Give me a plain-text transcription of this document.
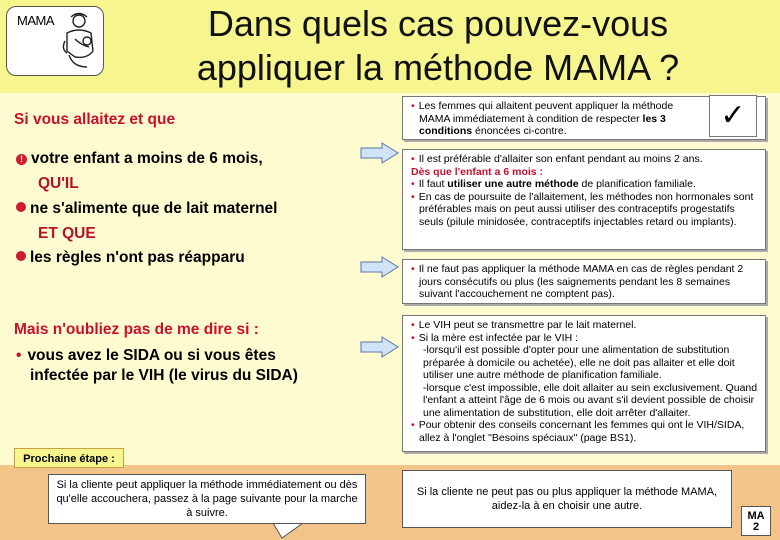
MAMA	Dans quels cas pouvez-vous
appliquer la méthode MAMA ?
Si vous allaitez et que
! votre enfant a moins de 6 mois,
QU'IL
ne s'alimente que de lait maternel
ET QUE
les règles n'ont pas réapparu
Mais n'oubliez pas de me dire si :
• vous avez le SIDA ou si vous êtes
infectée par le VIH (le virus du SIDA)
• Les femmes qui allaitent peuvent appliquer la méthode MAMA immédiatement à condition de respecter les 3 conditions énoncées ci-contre.	✓
• Il est préférable d'allaiter son enfant pendant au moins 2 ans.
Dès que l'enfant a 6 mois :
• Il faut utiliser une autre méthode de planification familiale.
• En cas de poursuite de l'allaitement, les méthodes non hormonales sont préférables mais on peut aussi utiliser des contraceptifs progestatifs seuls (pilule minidosée, contraceptifs injectables retard ou implants).
• Il ne faut pas appliquer la méthode MAMA en cas de règles pendant 2 jours consécutifs ou plus (les saignements pendant les 8 semaines suivant l'accouchement ne comptent pas).
• Le VIH peut se transmettre par le lait maternel.
• Si la mère est infectée par le VIH :
-lorsqu'il est possible d'opter pour une alimentation de substitution préparée à domicile ou achetée), elle ne doit pas allaiter et elle doit utiliser une autre méthode de planification familiale.
-lorsque c'est impossible, elle doit allaiter au sein exclusivement. Quand l'enfant a atteint l'âge de 6 mois ou avant s'il devient possible de choisir une alimentation de substitution, elle doit arrêter d'allaiter.
• Pour obtenir des conseils concernant les femmes qui ont le VIH/SIDA, allez à l'onglet "Besoins spéciaux" (page BS1).
Prochaine étape :
Si la cliente peut appliquer la méthode immédiatement ou dès qu'elle accouchera, passez à la page suivante pour la marche à suivre.
Si la cliente ne peut pas ou plus appliquer la méthode MAMA, aidez-la à en choisir une autre.
MA
2
